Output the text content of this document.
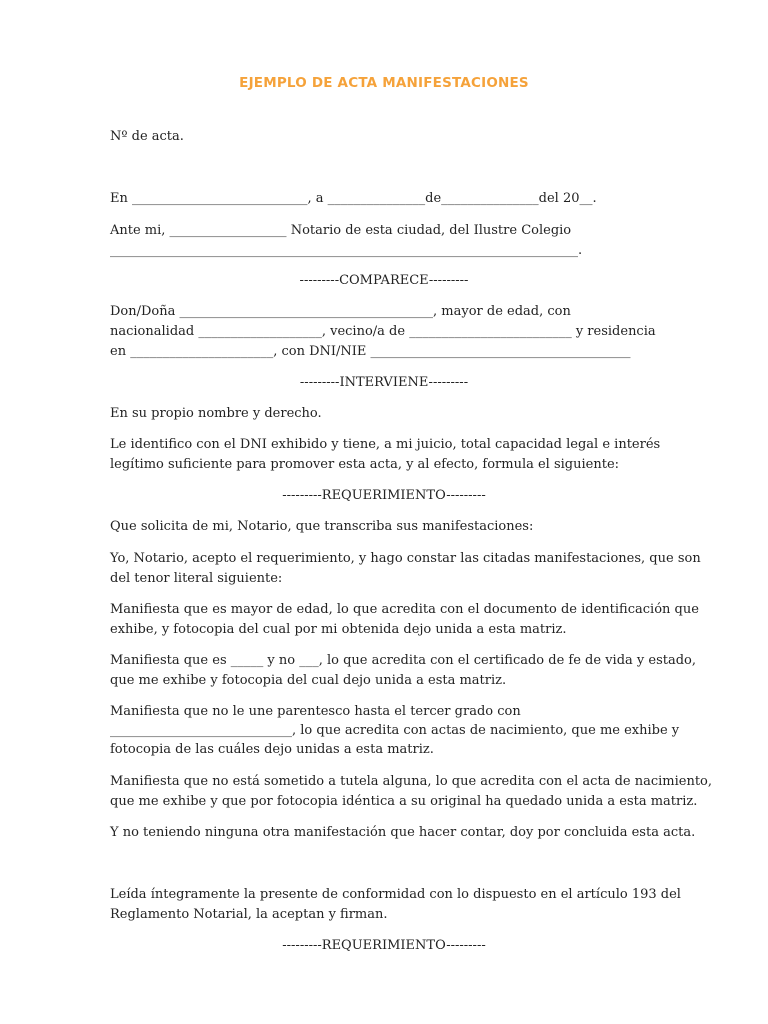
EJEMPLO DE ACTA MANIFESTACIONES
Nº de acta.
En ___________________________, a _______________de_______________del 20__.
Ante mi, __________________ Notario de esta ciudad, del Ilustre Colegio
________________________________________________________________________.
---------COMPARECE---------
Don/Doña _______________________________________, mayor de edad, con
nacionalidad ___________________, vecino/a de _________________________ y residencia
en ______________________, con DNI/NIE ________________________________________
---------INTERVIENE---------
En su propio nombre y derecho.
Le identifico con el DNI exhibido y tiene, a mi juicio, total capacidad legal e interés
legítimo suficiente para promover esta acta, y al efecto, formula el siguiente:
---------REQUERIMIENTO---------
Que solicita de mi, Notario, que transcriba sus manifestaciones:
Yo, Notario, acepto el requerimiento, y hago constar las citadas manifestaciones, que son
del tenor literal siguiente:
Manifiesta que es mayor de edad, lo que acredita con el documento de identificación que
exhibe, y fotocopia del cual por mi obtenida dejo unida a esta matriz.
Manifiesta que es _____ y no ___, lo que acredita con el certificado de fe de vida y estado,
que me exhibe y fotocopia del cual dejo unida a esta matriz.
Manifiesta que no le une parentesco hasta el tercer grado con
____________________________, lo que acredita con actas de nacimiento, que me exhibe y
fotocopia de las cuáles dejo unidas a esta matriz.
Manifiesta que no está sometido a tutela alguna, lo que acredita con el acta de nacimiento,
que me exhibe y que por fotocopia idéntica a su original ha quedado unida a esta matriz.
Y no teniendo ninguna otra manifestación que hacer contar, doy por concluida esta acta.
Leída íntegramente la presente de conformidad con lo dispuesto en el artículo 193 del
Reglamento Notarial, la aceptan y firman.
---------REQUERIMIENTO---------
